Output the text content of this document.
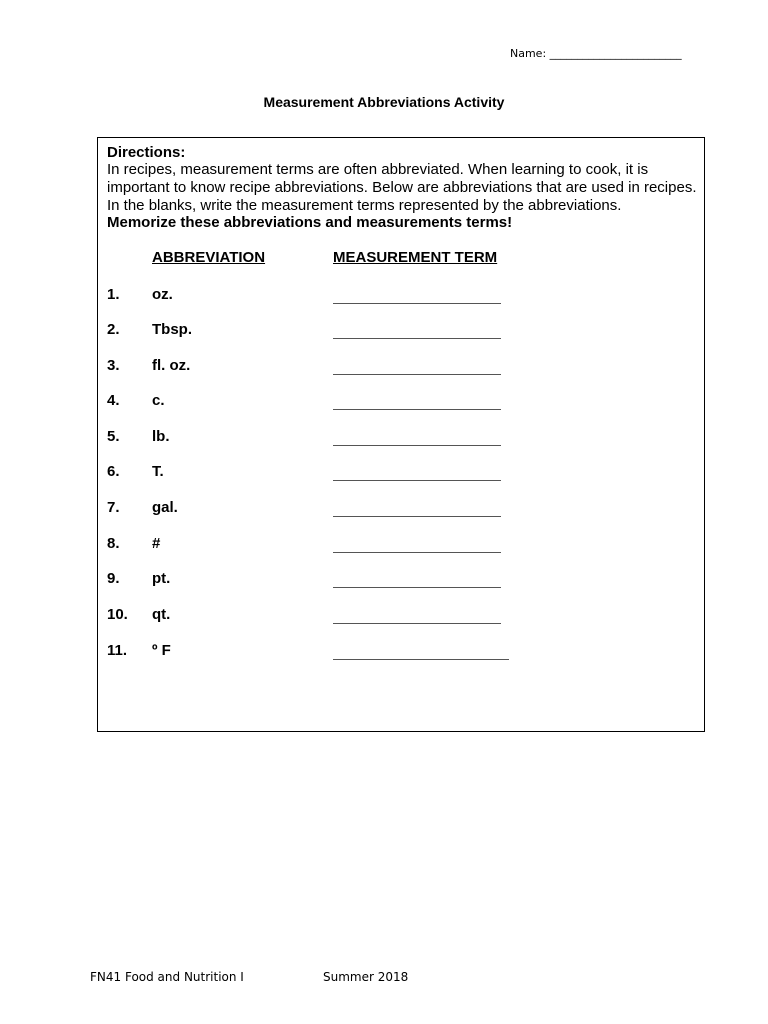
Name: ________________________
Measurement Abbreviations Activity
Directions:
In recipes, measurement terms are often abbreviated. When learning to cook, it is important to know recipe abbreviations. Below are abbreviations that are used in recipes. In the blanks, write the measurement terms represented by the abbreviations.
Memorize these abbreviations and measurements terms!
ABBREVIATION	MEASUREMENT TERM
1. oz.
2. Tbsp.
3. fl. oz.
4. c.
5. lb.
6. T.
7. gal.
8. #
9. pt.
10. qt.
11. º F
FN41 Food and Nutrition I	Summer 2018
